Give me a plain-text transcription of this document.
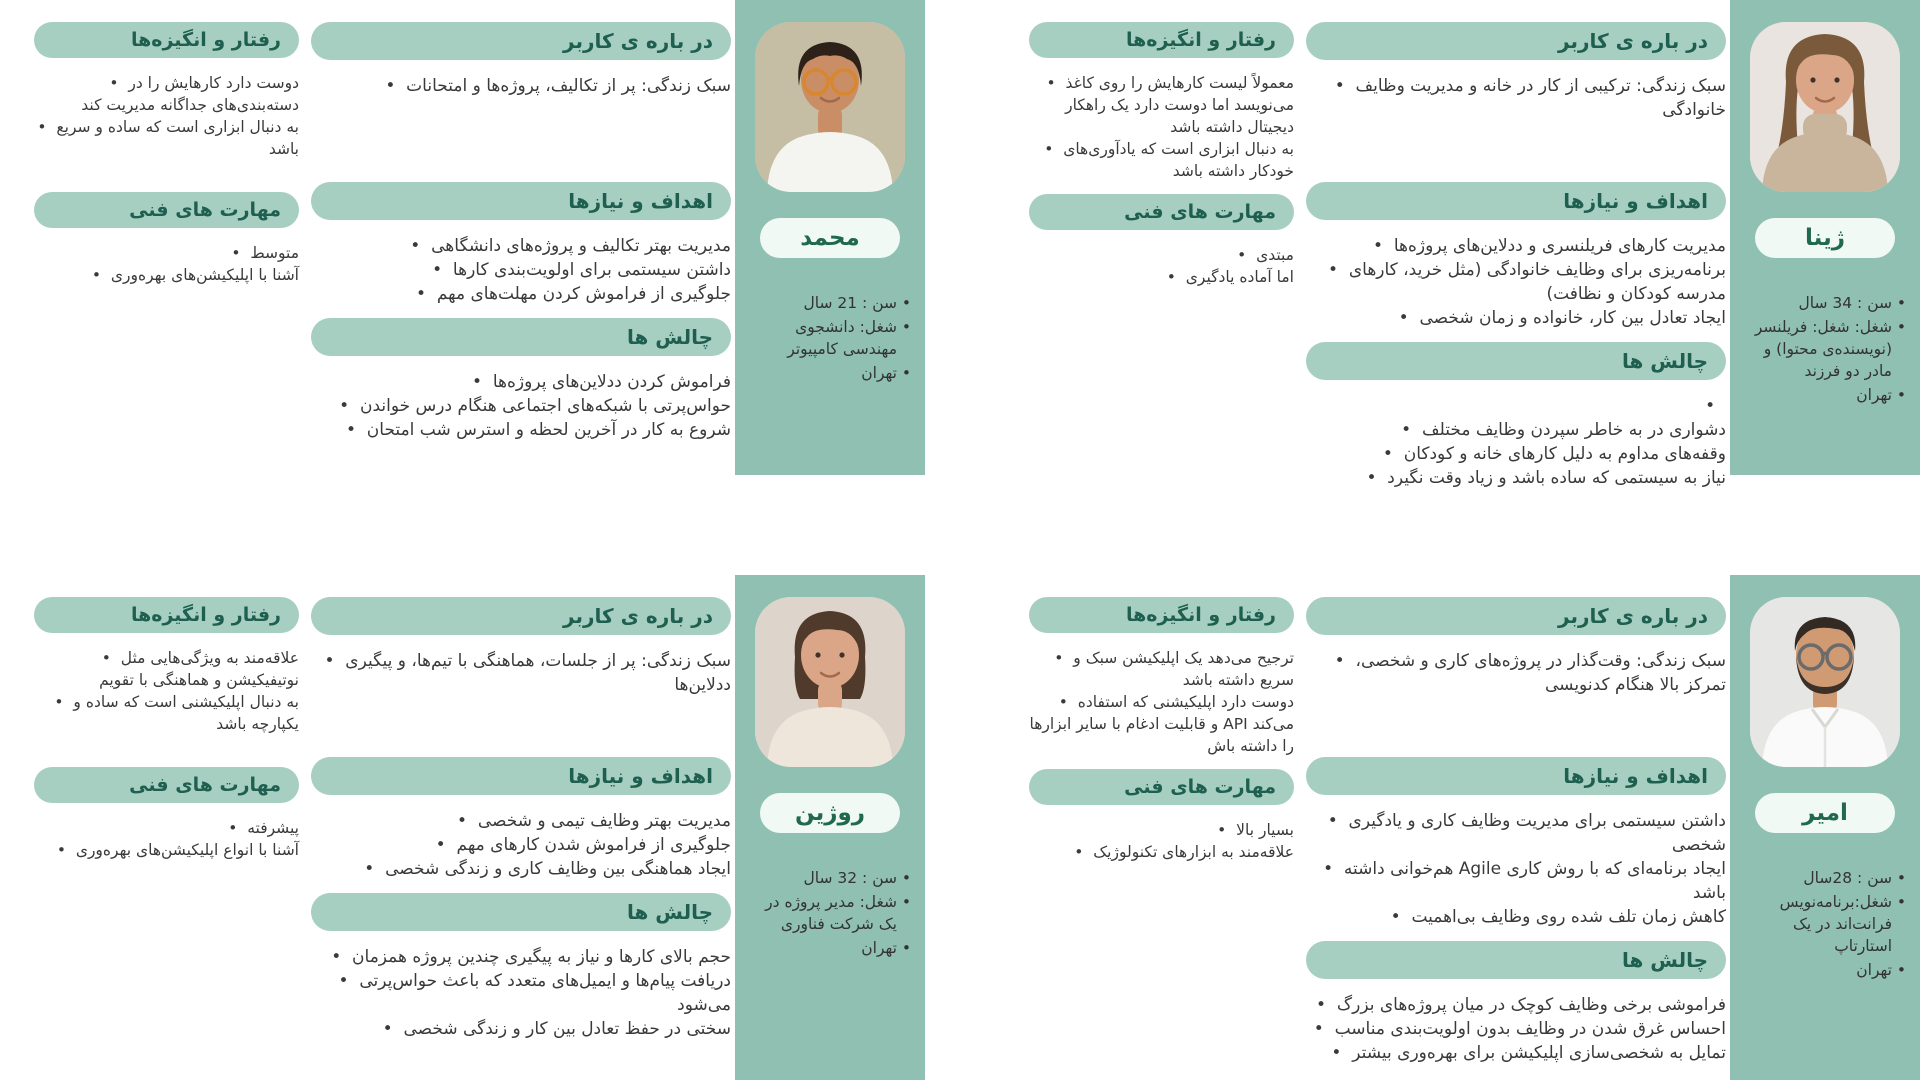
رفتار و انگیزه‌ها
•  دوست دارد کارهایش را در دسته‌بندی‌های جداگانه مدیریت کند
•  به دنبال ابزاری است که ساده و سریع باشد
مهارت های فنی
•  متوسط
•  آشنا با اپلیکیشن‌های بهره‌وری
در باره ی کاربر
•  سبک زندگی: پر از تکالیف، پروژه‌ها و امتحانات
اهداف و نیازها
•  مدیریت بهتر تکالیف و پروژه‌های دانشگاهی
•  داشتن سیستمی برای اولویت‌بندی کارها
•  جلوگیری از فراموش کردن مهلت‌های مهم
چالش ها
•  فراموش کردن ددلاین‌های پروژه‌ها
•  حواس‌پرتی با شبکه‌های اجتماعی هنگام درس خواندن
•  شروع به کار در آخرین لحظه و استرس شب امتحان
محمد
• سن : 21 سال
• شغل: دانشجوی مهندسی کامپیوتر
• تهران
رفتار و انگیزه‌ها
•  معمولاً لیست کارهایش را روی کاغذ می‌نویسد اما دوست دارد یک راهکار دیجیتال داشته باشد
•  به دنبال ابزاری است که یادآوری‌های خودکار داشته باشد
مهارت های فنی
•  مبتدی
•  اما آماده یادگیری
در باره ی کاربر
•  سبک زندگی: ترکیبی از کار در خانه و مدیریت وظایف خانوادگی
اهداف و نیازها
•  مدیریت کارهای فریلنسری و ددلاین‌های پروژه‌ها
•  برنامه‌ریزی برای وظایف خانوادگی (مثل خرید، کارهای مدرسه کودکان و نظافت)
•  ایجاد تعادل بین کار، خانواده و زمان شخصی
چالش ها
•
•  دشواری در به خاطر سپردن وظایف مختلف
•  وقفه‌های مداوم به دلیل کارهای خانه و کودکان
•  نیاز به سیستمی که ساده باشد و زیاد وقت نگیرد
ژینا
• سن : 34 سال
• شغل: شغل: فریلنسر (نویسنده‌ی محتوا) و مادر دو فرزند
• تهران
رفتار و انگیزه‌ها
•  علاقه‌مند به ویژگی‌هایی مثل نوتیفیکیشن و هماهنگی با تقویم
•  به دنبال اپلیکیشنی است که ساده و یکپارچه باشد
مهارت های فنی
•  پیشرفته
•  آشنا با انواع اپلیکیشن‌های بهره‌وری
در باره ی کاربر
•  سبک زندگی: پر از جلسات، هماهنگی با تیم‌ها، و پیگیری ددلاین‌ها
اهداف و نیازها
•  مدیریت بهتر وظایف تیمی و شخصی
•  جلوگیری از فراموش شدن کارهای مهم
•  ایجاد هماهنگی بین وظایف کاری و زندگی شخصی
چالش ها
•  حجم بالای کارها و نیاز به پیگیری چندین پروژه همزمان
•  دریافت پیام‌ها و ایمیل‌های متعدد که باعث حواس‌پرتی می‌شود
•  سختی در حفظ تعادل بین کار و زندگی شخصی
روژین
• سن : 32 سال
• شغل: مدیر پروژه در یک شرکت فناوری
• تهران
رفتار و انگیزه‌ها
•  ترجیح می‌دهد یک اپلیکیشن سبک و سریع داشته باشد
•  دوست دارد اپلیکیشنی که استفاده می‌کند API و قابلیت ادغام با سایر ابزارها را داشته باش
مهارت های فنی
•  بسیار بالا
•  علاقه‌مند به ابزارهای تکنولوژیک
در باره ی کاربر
•  سبک زندگی: وقت‌گذار در پروژه‌های کاری و شخصی، تمرکز بالا هنگام کدنویسی
اهداف و نیازها
•  داشتن سیستمی برای مدیریت وظایف کاری و یادگیری شخصی
•  ایجاد برنامه‌ای که با روش کاری Agile هم‌خوانی داشته باشد
•  کاهش زمان تلف شده روی وظایف بی‌اهمیت
چالش ها
•  فراموشی برخی وظایف کوچک در میان پروژه‌های بزرگ
•  احساس غرق شدن در وظایف بدون اولویت‌بندی مناسب
•  تمایل به شخصی‌سازی اپلیکیشن برای بهره‌وری بیشتر
امیر
• سن : 28سال
• شغل:برنامه‌نویس فرانت‌اند در یک استارتاپ
• تهران
